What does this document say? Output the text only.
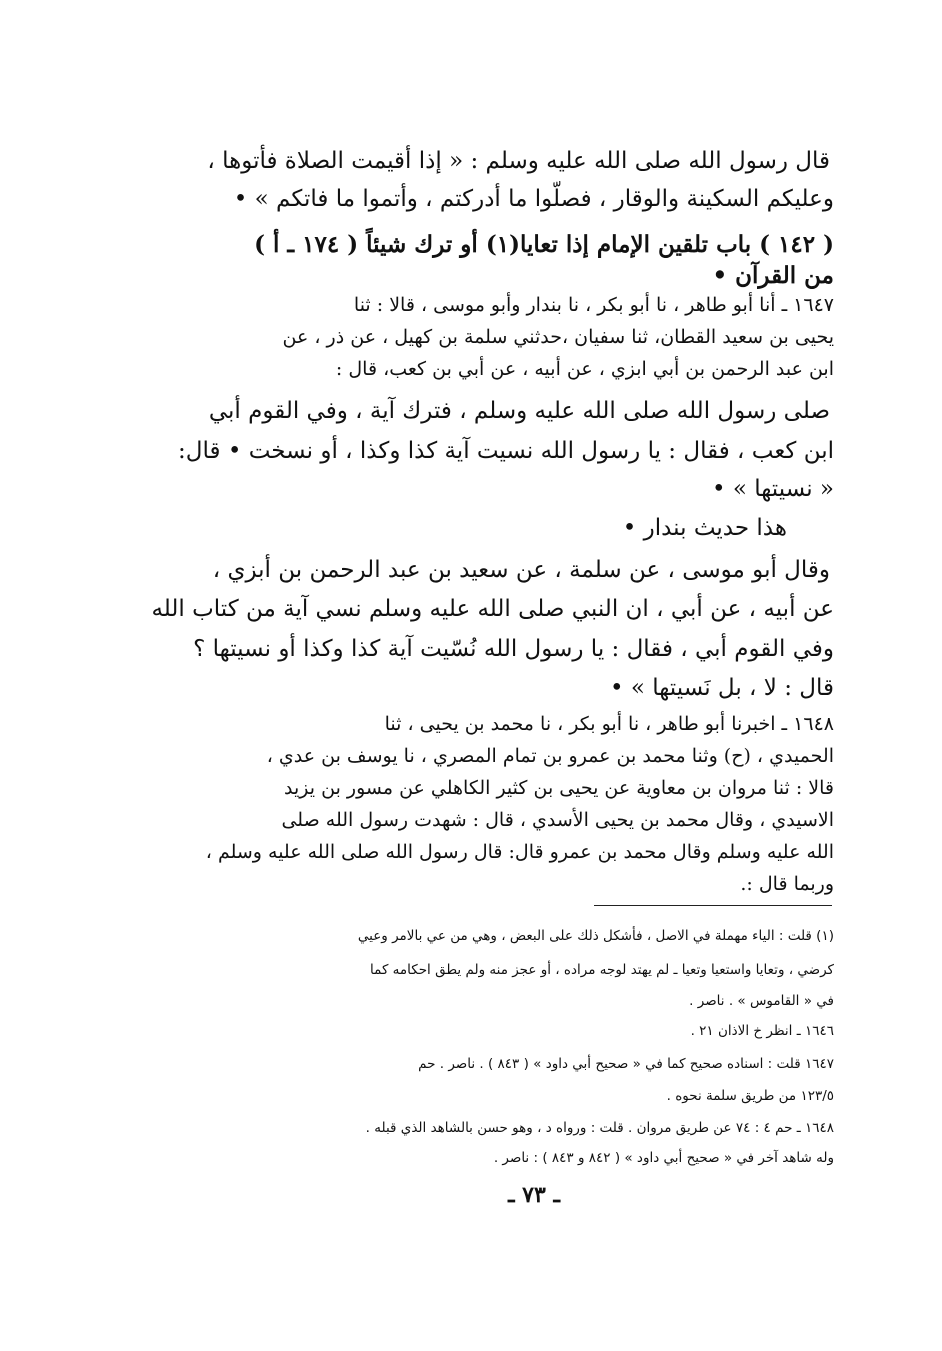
قال رسول الله صلى الله عليه وسلم : « إذا أقيمت الصلاة فأتوها ،

وعليكم السكينة والوقار ، فصلّوا ما أدركتم ، وأتموا ما فاتكم » •

( ١٤٢ ) باب تلقين الإمام إذا تعايا(١) أو ترك شيئاً ( ١٧٤ ـ أ )

من القرآن •

١٦٤٧ ـ أنا أبو طاهر ، نا أبو بكر ، نا بندار وأبو موسى ، قالا : ثنا

يحيى بن سعيد القطان، ثنا سفيان ،حدثني سلمة بن كهيل ، عن ذر ، عن

ابن عبد الرحمن بن أبي ابزي ، عن أبيه ، عن أبي بن كعب، قال :

صلى رسول الله صلى الله عليه وسلم ، فترك آية ، وفي القوم أبي

ابن كعب ، فقال : يا رسول الله نسيت آية كذا وكذا ، أو نسخت • قال:

« نسيتها » •

هذا حديث بندار •

وقال أبو موسى ، عن سلمة ، عن سعيد بن عبد الرحمن بن أبزي ،

عن أبيه ، عن أبي ، ان النبي صلى الله عليه وسلم نسي آية من كتاب الله

وفي القوم أبي ، فقال : يا رسول الله نُسّيت آية كذا وكذا أو نسيتها ؟

قال : لا ، بل نَسيتها » •

١٦٤٨ ـ اخبرنا أبو طاهر ، نا أبو بكر ، نا محمد بن يحيى ، ثنا

الحميدي ، (ح) وثنا محمد بن عمرو بن تمام المصري ، نا يوسف بن عدي ،

قالا : ثنا مروان بن معاوية عن يحيى بن كثير الكاهلي عن مسور بن يزيد

الاسيدي ، وقال محمد بن يحيى الأسدي ، قال : شهدت رسول الله صلى

الله عليه وسلم وقال محمد بن عمرو قال: قال رسول الله صلى الله عليه وسلم ،

وربما قال :.

(١) قلت : الياء مهملة في الاصل ، فأشكل ذلك على البعض ، وهي من عي بالامر وعيي

كرضي ، وتعايا واستعيا وتعيا ـ لم يهتد لوجه مراده ، أو عجز منه ولم يطق احكامه كما

في « القاموس » . ناصر .

١٦٤٦ ـ انظر خ الاذان ٢١ .

١٦٤٧ قلت : اسناده صحيح كما في « صحيح أبي داود » ( ٨٤٣ ) . ناصر . حم

١٢٣/٥ من طريق سلمة نحوه .

١٦٤٨ ـ حم ٤ : ٧٤ عن طريق مروان . قلت : ورواه د ، وهو حسن بالشاهد الذي قبله .

وله شاهد آخر في « صحيح أبي داود » ( ٨٤٢ و ٨٤٣ ) : ناصر .

ـ ٧٣ ـ
